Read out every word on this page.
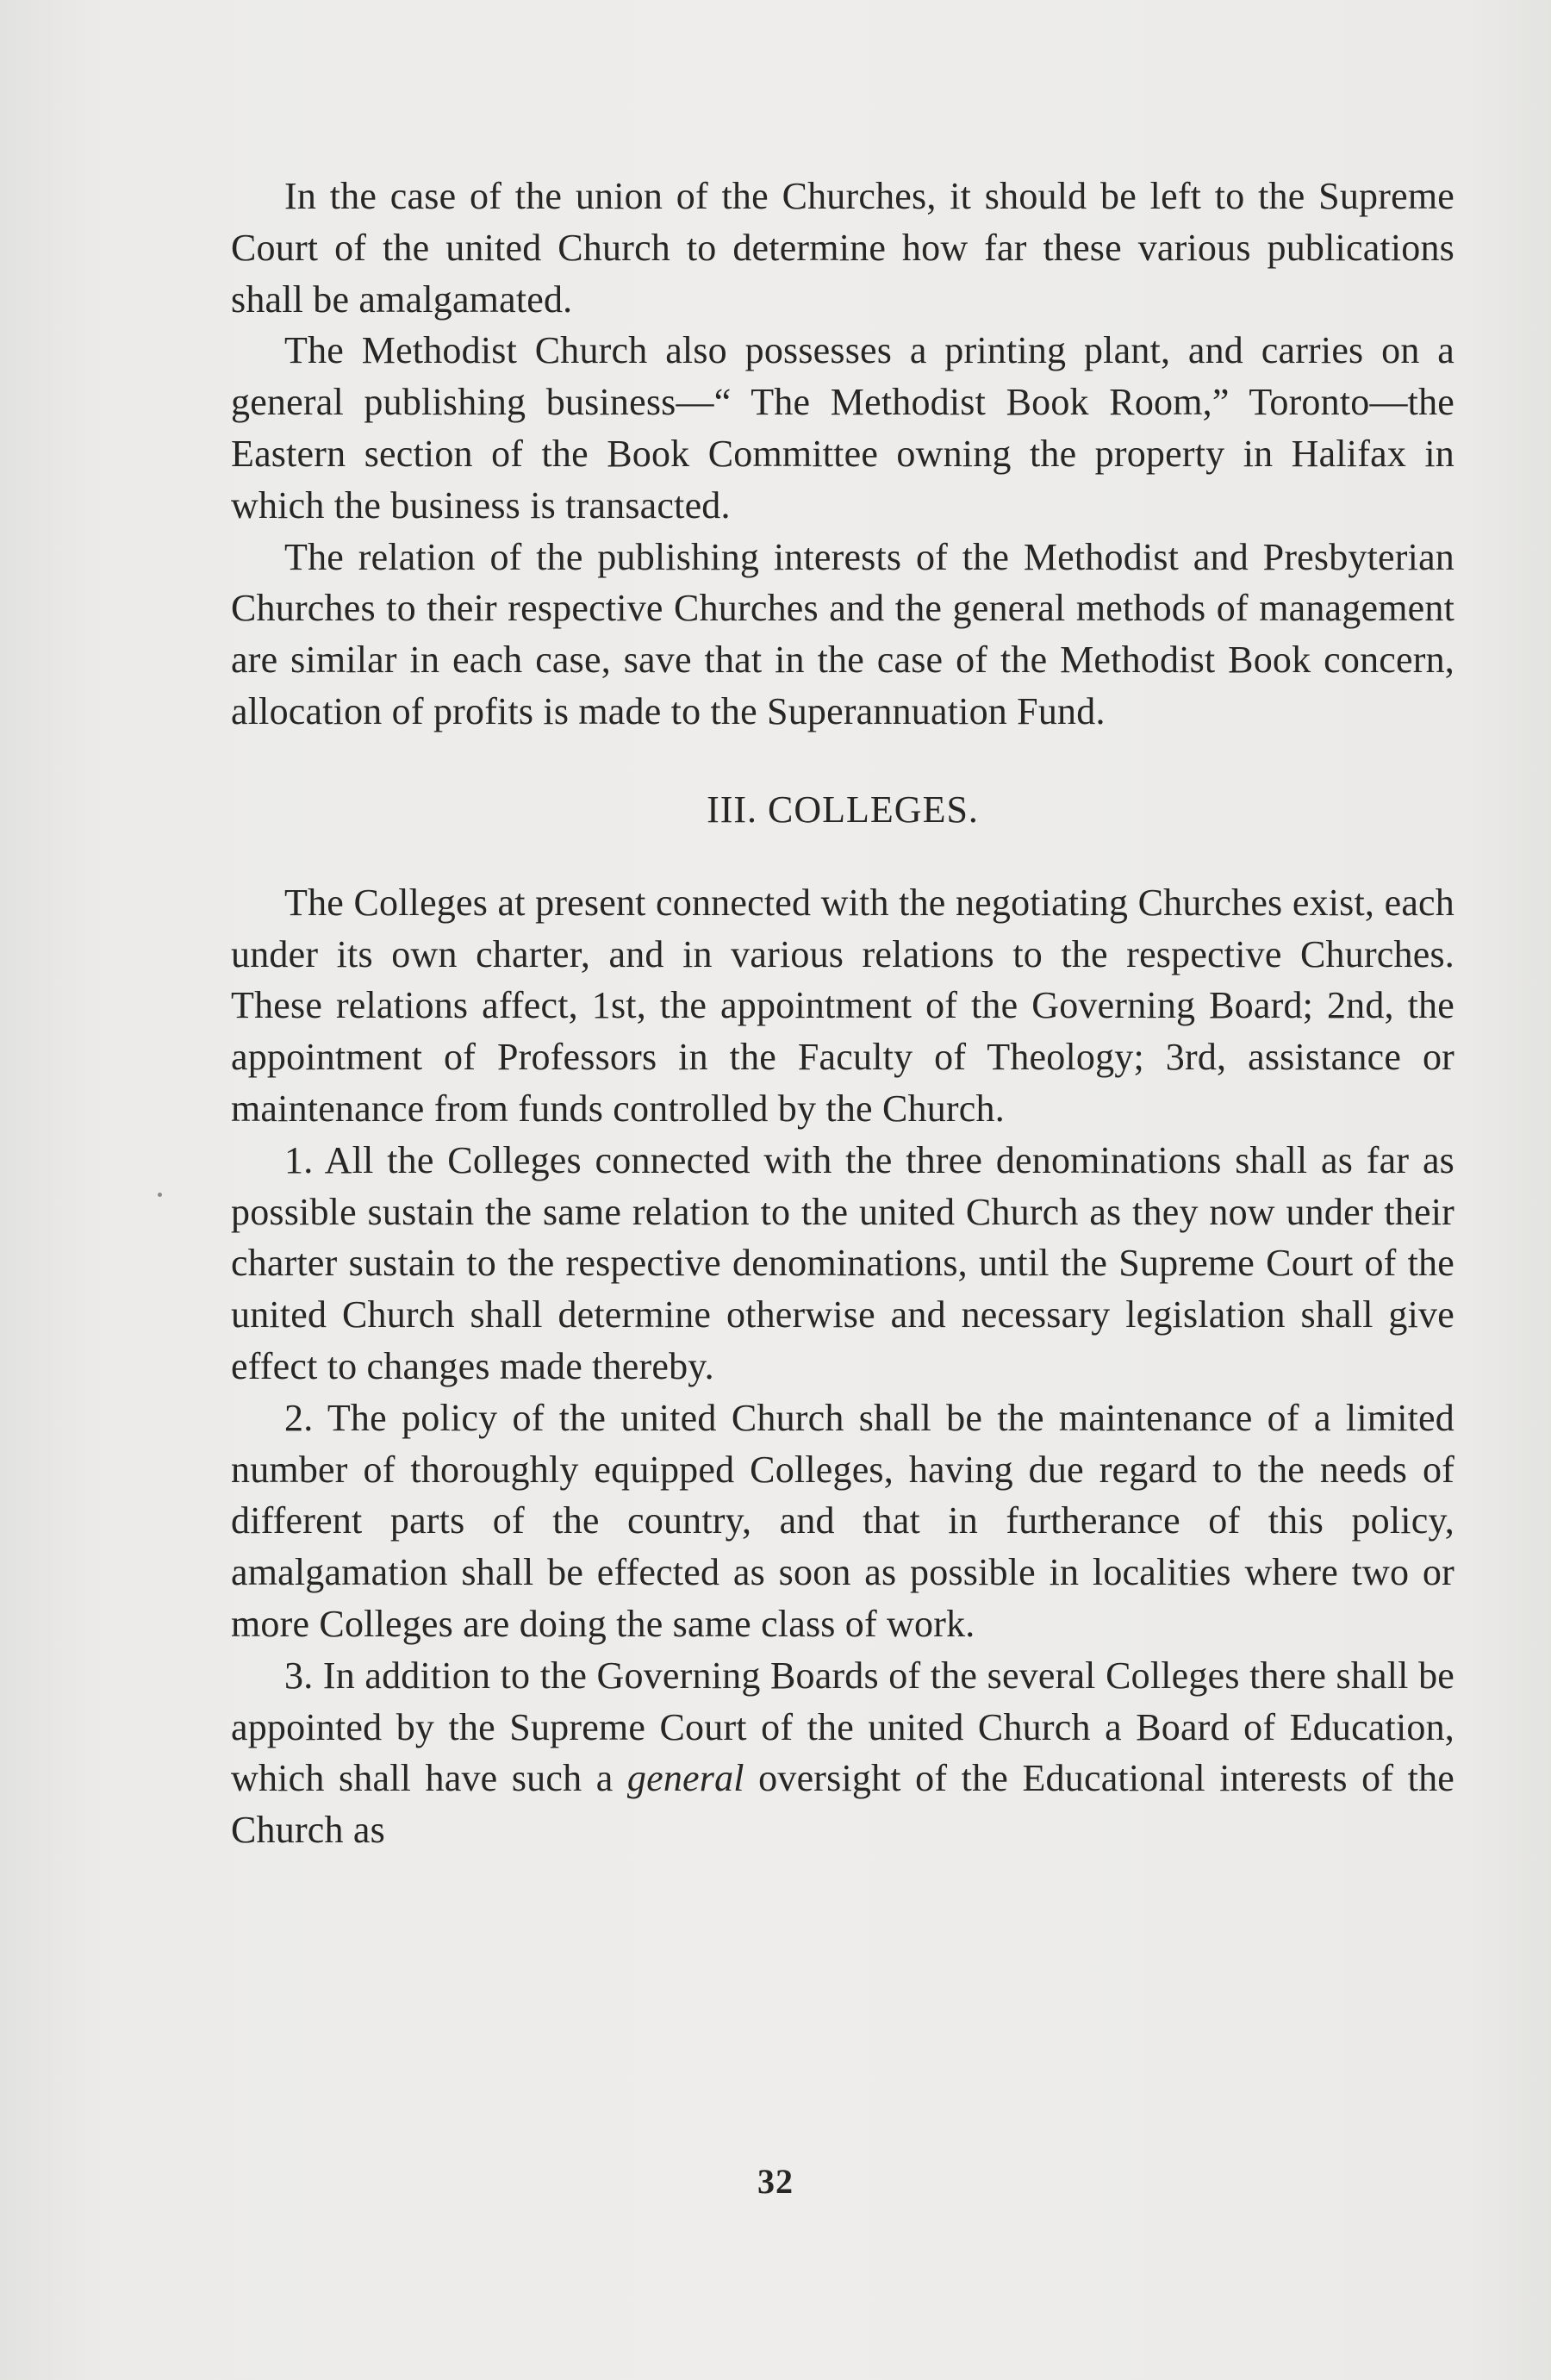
In the case of the union of the Churches, it should be left to the Supreme Court of the united Church to determine how far these various publications shall be amalgamated.

The Methodist Church also possesses a printing plant, and carries on a general publishing business—“ The Methodist Book Room,” Toronto—the Eastern section of the Book Committee owning the property in Halifax in which the business is transacted.

The relation of the publishing interests of the Methodist and Presbyterian Churches to their respective Churches and the general methods of management are similar in each case, save that in the case of the Methodist Book concern, allocation of profits is made to the Superannuation Fund.

III. COLLEGES.

The Colleges at present connected with the negotiating Churches exist, each under its own charter, and in various relations to the respective Churches. These relations affect, 1st, the appointment of the Governing Board; 2nd, the appointment of Professors in the Faculty of Theology; 3rd, assistance or maintenance from funds controlled by the Church.

1. All the Colleges connected with the three denominations shall as far as possible sustain the same relation to the united Church as they now under their charter sustain to the respective denominations, until the Supreme Court of the united Church shall determine otherwise and necessary legislation shall give effect to changes made thereby.

2. The policy of the united Church shall be the maintenance of a limited number of thoroughly equipped Colleges, having due regard to the needs of different parts of the country, and that in furtherance of this policy, amalgamation shall be effected as soon as possible in localities where two or more Colleges are doing the same class of work.

3. In addition to the Governing Boards of the several Colleges there shall be appointed by the Supreme Court of the united Church a Board of Education, which shall have such a general oversight of the Educational interests of the Church as

32
